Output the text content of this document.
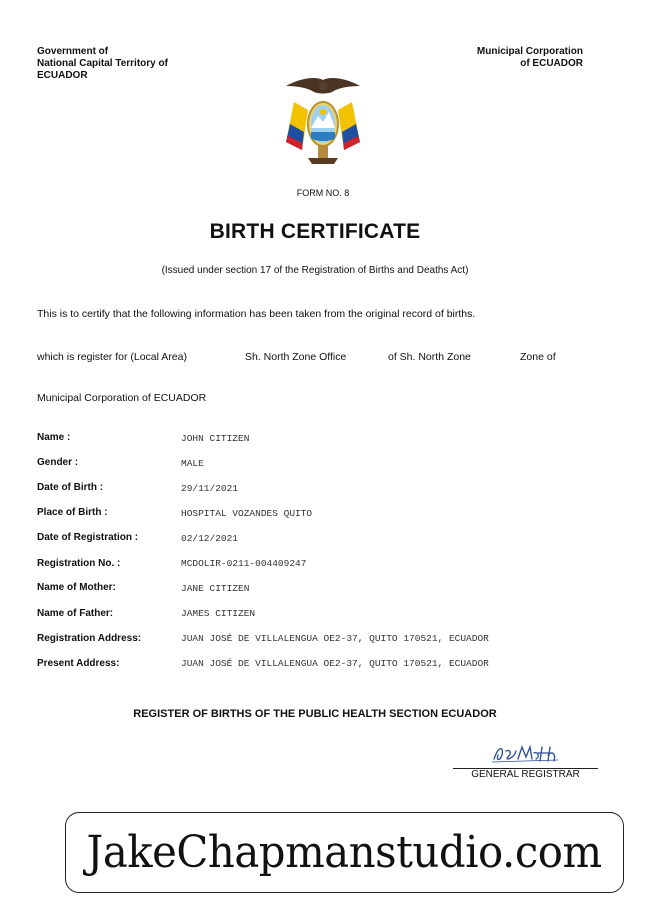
Government of
National Capital Territory of
ECUADOR
Municipal Corporation
of ECUADOR
FORM NO. 8
BIRTH CERTIFICATE
(Issued under section 17 of the Registration of Births and Deaths Act)
This is to certify that the following information has been taken from the original record of births.
which is register for (Local Area)	Sh. North Zone Office	of Sh. North Zone	Zone of
Municipal Corporation of ECUADOR
Name :	JOHN CITIZEN
Gender :	MALE
Date of Birth :	29/11/2021
Place of Birth :	HOSPITAL VOZANDES QUITO
Date of Registration :	02/12/2021
Registration No. :	MCDOLIR-0211-004409247
Name of Mother:	JANE CITIZEN
Name of Father:	JAMES CITIZEN
Registration Address:	JUAN JOSÉ DE VILLALENGUA OE2-37, QUITO 170521, ECUADOR
Present Address:	JUAN JOSÉ DE VILLALENGUA OE2-37, QUITO 170521, ECUADOR
REGISTER OF BIRTHS OF THE PUBLIC HEALTH SECTION ECUADOR
GENERAL REGISTRAR
JakeChapmanstudio.com
